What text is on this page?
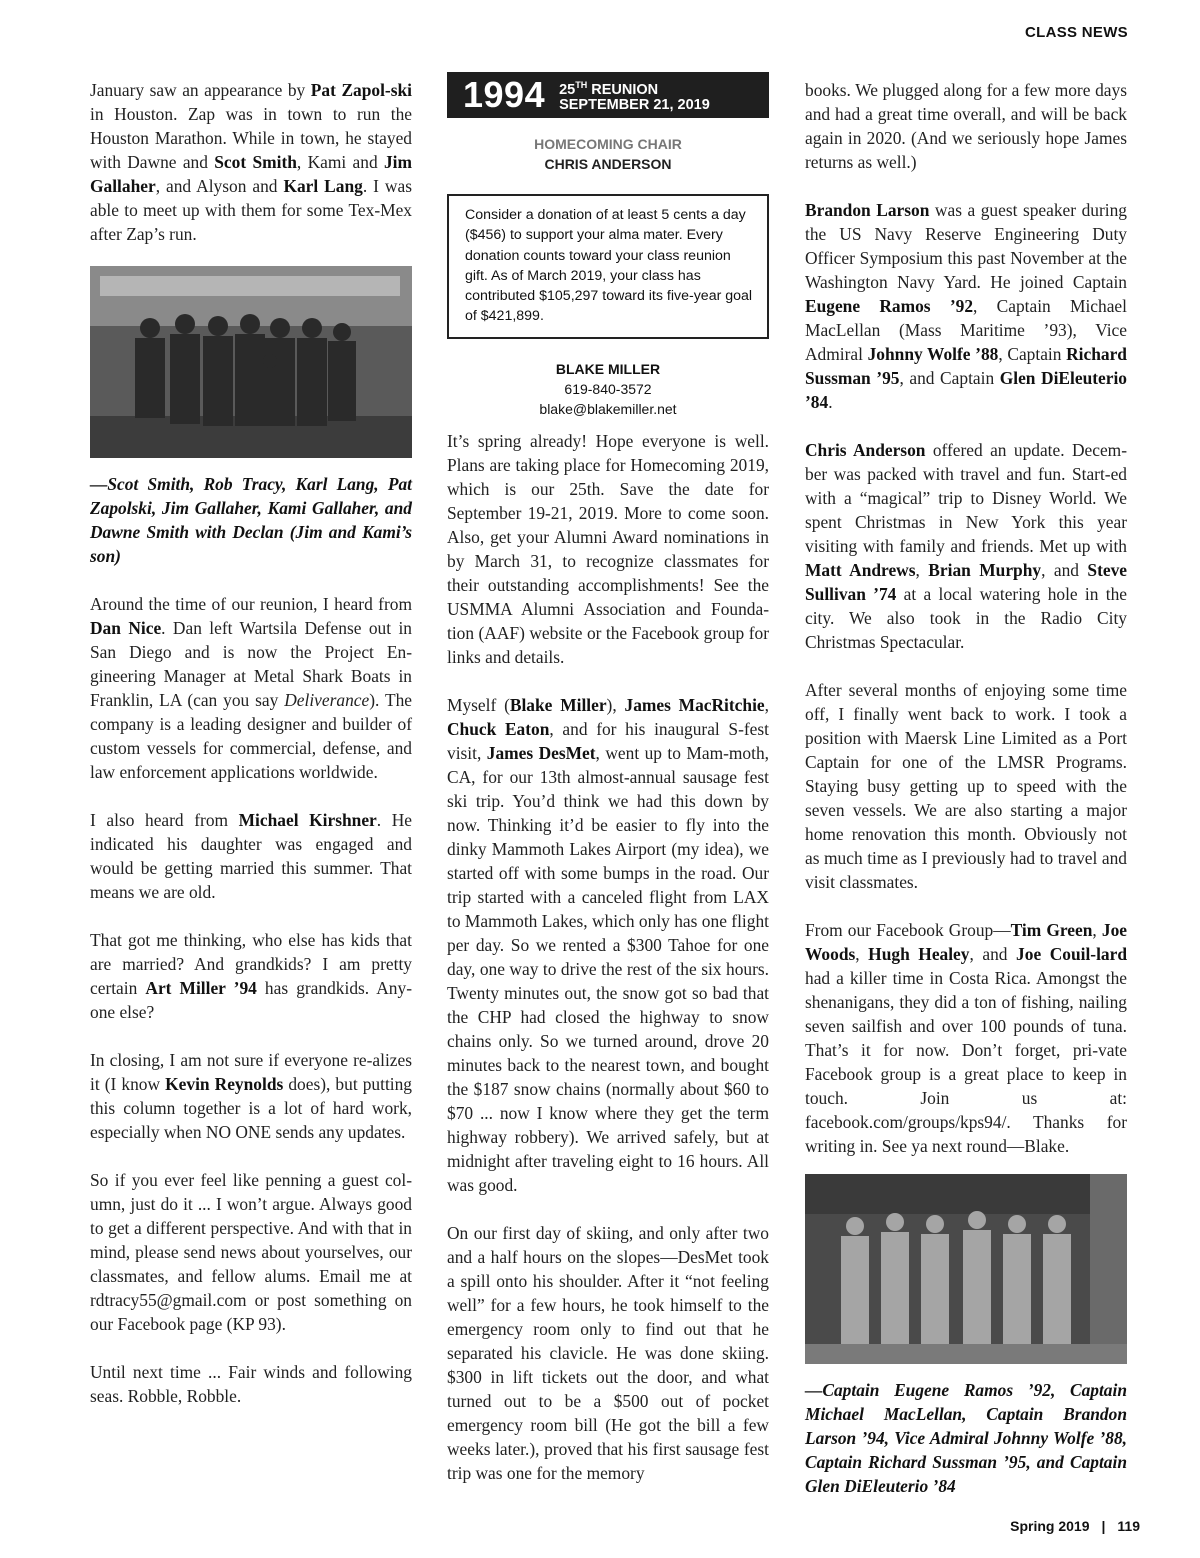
CLASS NEWS

January saw an appearance by Pat Zapol-ski in Houston. Zap was in town to run the Houston Marathon. While in town, he stayed with Dawne and Scot Smith, Kami and Jim Gallaher, and Alyson and Karl Lang. I was able to meet up with them for some Tex-Mex after Zap’s run.

—Scot Smith, Rob Tracy, Karl Lang, Pat Zapolski, Jim Gallaher, Kami Gallaher, and Dawne Smith with Declan (Jim and Kami’s son)

Around the time of our reunion, I heard from Dan Nice. Dan left Wartsila Defense out in San Diego and is now the Project En-gineering Manager at Metal Shark Boats in Franklin, LA (can you say Deliverance). The company is a leading designer and builder of custom vessels for commercial, defense, and law enforcement applications worldwide.

I also heard from Michael Kirshner. He indicated his daughter was engaged and would be getting married this summer. That means we are old.

That got me thinking, who else has kids that are married? And grandkids? I am pretty certain Art Miller ’94 has grandkids. Any-one else?

In closing, I am not sure if everyone re-alizes it (I know Kevin Reynolds does), but putting this column together is a lot of hard work, especially when NO ONE sends any updates.

So if you ever feel like penning a guest col-umn, just do it ... I won’t argue. Always good to get a different perspective. And with that in mind, please send news about yourselves, our classmates, and fellow alums. Email me at rdtracy55@gmail.com or post something on our Facebook page (KP 93).

Until next time ... Fair winds and following seas. Robble, Robble.

1994 25TH REUNION
SEPTEMBER 21, 2019
HOMECOMING CHAIR
CHRIS ANDERSON
Consider a donation of at least 5 cents a day ($456) to support your alma mater. Every donation counts toward your class reunion gift. As of March 2019, your class has contributed $105,297 toward its five-year goal of $421,899.
BLAKE MILLER
619-840-3572
blake@blakemiller.net

It’s spring already! Hope everyone is well. Plans are taking place for Homecoming 2019, which is our 25th. Save the date for September 19-21, 2019. More to come soon. Also, get your Alumni Award nominations in by March 31, to recognize classmates for their outstanding accomplishments! See the USMMA Alumni Association and Founda-tion (AAF) website or the Facebook group for links and details.

Myself (Blake Miller), James MacRitchie, Chuck Eaton, and for his inaugural S-fest visit, James DesMet, went up to Mam-moth, CA, for our 13th almost-annual sausage fest ski trip. You’d think we had this down by now. Thinking it’d be easier to fly into the dinky Mammoth Lakes Airport (my idea), we started off with some bumps in the road. Our trip started with a canceled flight from LAX to Mammoth Lakes, which only has one flight per day. So we rented a $300 Tahoe for one day, one way to drive the rest of the six hours. Twenty minutes out, the snow got so bad that the CHP had closed the highway to snow chains only. So we turned around, drove 20 minutes back to the nearest town, and bought the $187 snow chains (normally about $60 to $70 ... now I know where they get the term highway robbery). We arrived safely, but at midnight after traveling eight to 16 hours. All was good.

On our first day of skiing, and only after two and a half hours on the slopes—DesMet took a spill onto his shoulder. After it “not feeling well” for a few hours, he took himself to the emergency room only to find out that he separated his clavicle. He was done skiing. $300 in lift tickets out the door, and what turned out to be a $500 out of pocket emergency room bill (He got the bill a few weeks later.), proved that his first sausage fest trip was one for the memory

books. We plugged along for a few more days and had a great time overall, and will be back again in 2020. (And we seriously hope James returns as well.)

Brandon Larson was a guest speaker during the US Navy Reserve Engineering Duty Officer Symposium this past November at the Washington Navy Yard. He joined Captain Eugene Ramos ’92, Captain Michael MacLellan (Mass Maritime ’93), Vice Admiral Johnny Wolfe ’88, Captain Richard Sussman ’95, and Captain Glen DiEleuterio ’84.

Chris Anderson offered an update. Decem-ber was packed with travel and fun. Start-ed with a “magical” trip to Disney World. We spent Christmas in New York this year visiting with family and friends. Met up with Matt Andrews, Brian Murphy, and Steve Sullivan ’74 at a local watering hole in the city. We also took in the Radio City Christmas Spectacular.

After several months of enjoying some time off, I finally went back to work. I took a position with Maersk Line Limited as a Port Captain for one of the LMSR Programs. Staying busy getting up to speed with the seven vessels. We are also starting a major home renovation this month. Obviously not as much time as I previously had to travel and visit classmates.

From our Facebook Group—Tim Green, Joe Woods, Hugh Healey, and Joe Couil-lard had a killer time in Costa Rica. Amongst the shenanigans, they did a ton of fishing, nailing seven sailfish and over 100 pounds of tuna. That’s it for now. Don’t forget, pri-vate Facebook group is a great place to keep in touch. Join us at: facebook.com/groups/kps94/. Thanks for writing in. See ya next round—Blake.

—Captain Eugene Ramos ’92, Captain Michael MacLellan, Captain Brandon Larson ’94, Vice Admiral Johnny Wolfe ’88, Captain Richard Sussman ’95, and Captain Glen DiEleuterio ’84

Spring 2019 | 119
